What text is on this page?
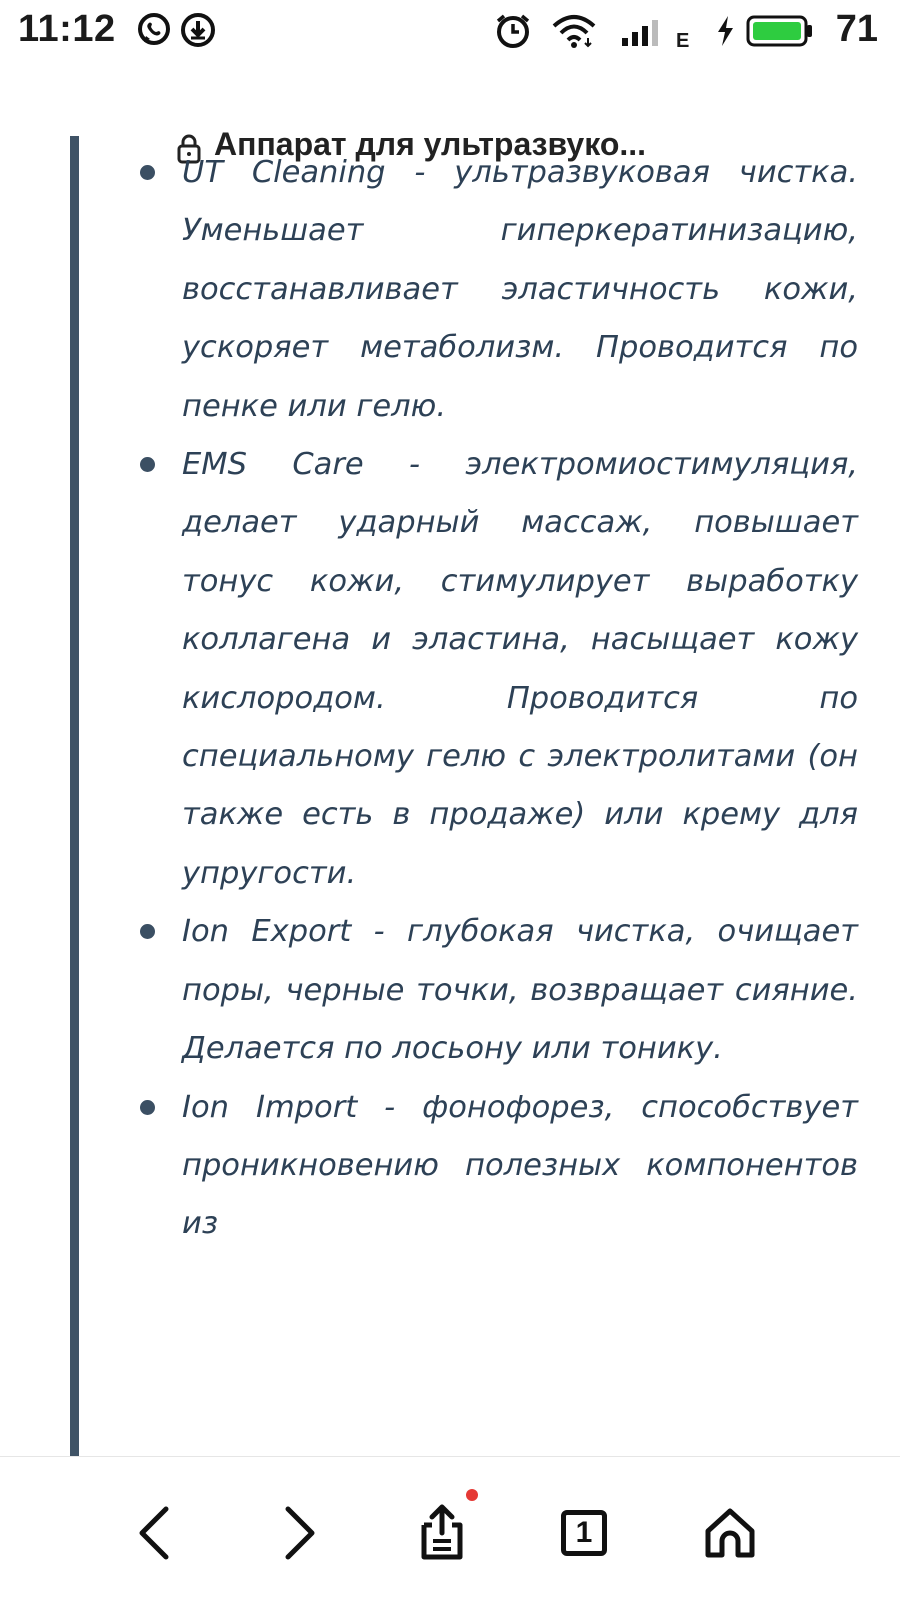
11:12	E	71
Аппарат для ультразвуко...

UT Cleaning - ультразвуковая чистка. Уменьшает гиперкератинизацию, восстанавливает эластичность кожи, ускоряет метаболизм. Проводится по пенке или гелю.

EMS Care - электромиостимуляция, делает ударный массаж, повышает тонус кожи, стимулирует выработку коллагена и эластина, насыщает кожу кислородом. Проводится по специальному гелю с электролитами (он также есть в продаже) или крему для упругости.

Ion Export - глубокая чистка, очищает поры, черные точки, возвращает сияние. Делается по лосьону или тонику.

Ion Import - фонофорез, способствует проникновению полезных компонентов из

1
